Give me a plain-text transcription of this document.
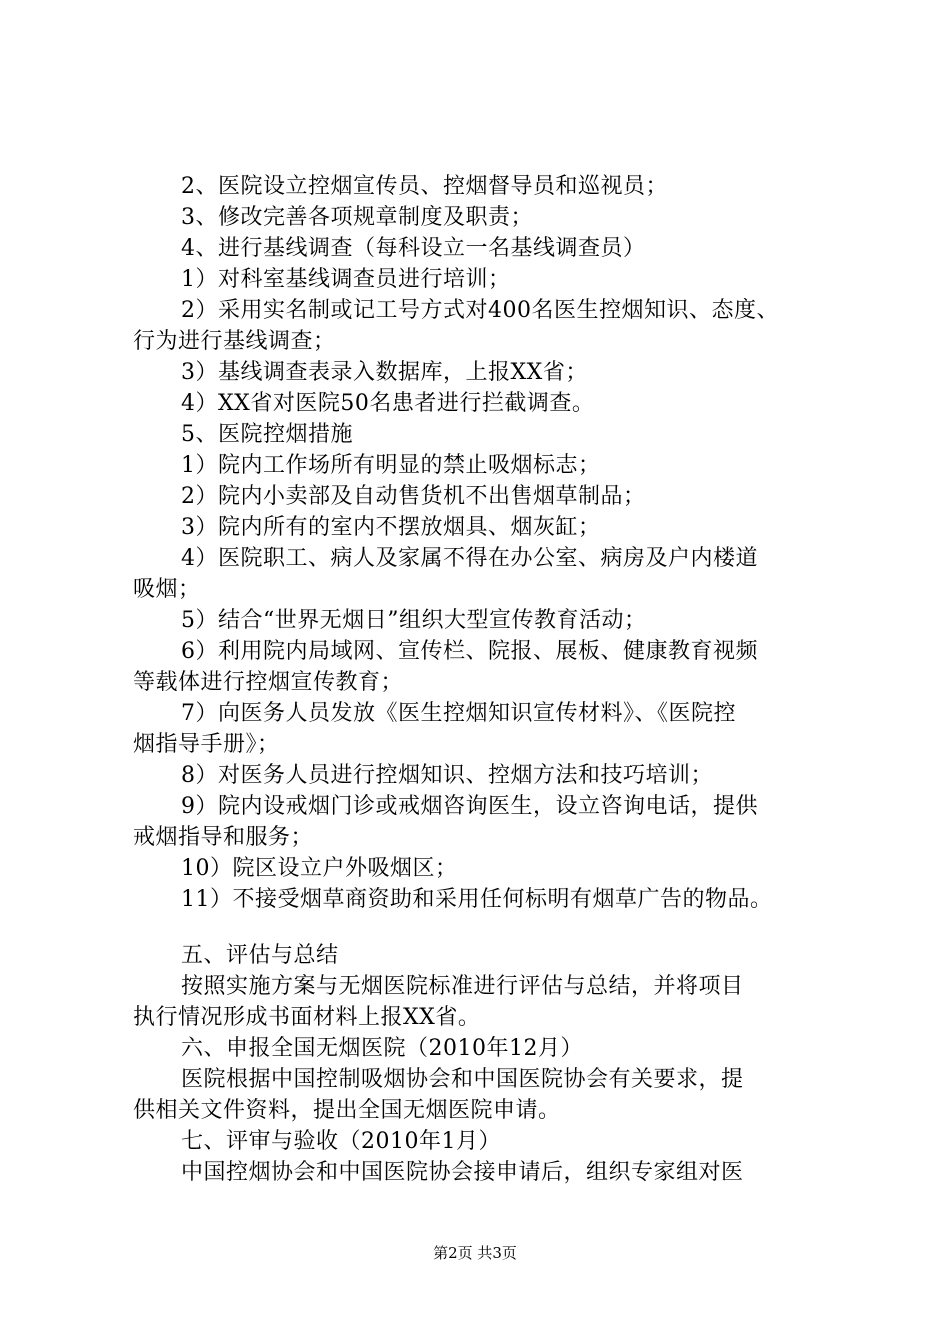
2、医院设立控烟宣传员、控烟督导员和巡视员；
3、修改完善各项规章制度及职责；
4、进行基线调查（每科设立一名基线调查员）
1）对科室基线调查员进行培训；
2）采用实名制或记工号方式对400名医生控烟知识、态度、
行为进行基线调查；
3）基线调查表录入数据库，上报XX省；
4）XX省对医院50名患者进行拦截调查。
5、医院控烟措施
1）院内工作场所有明显的禁止吸烟标志；
2）院内小卖部及自动售货机不出售烟草制品；
3）院内所有的室内不摆放烟具、烟灰缸；
4）医院职工、病人及家属不得在办公室、病房及户内楼道
吸烟；
5）结合“世界无烟日”组织大型宣传教育活动；
6）利用院内局域网、宣传栏、院报、展板、健康教育视频
等载体进行控烟宣传教育；
7）向医务人员发放《医生控烟知识宣传材料》、《医院控
烟指导手册》；
8）对医务人员进行控烟知识、控烟方法和技巧培训；
9）院内设戒烟门诊或戒烟咨询医生，设立咨询电话，提供
戒烟指导和服务；
10）院区设立户外吸烟区；
11）不接受烟草商资助和采用任何标明有烟草广告的物品。
五、评估与总结
按照实施方案与无烟医院标准进行评估与总结，并将项目
执行情况形成书面材料上报XX省。
六、申报全国无烟医院（2010年12月）
医院根据中国控制吸烟协会和中国医院协会有关要求，提
供相关文件资料，提出全国无烟医院申请。
七、评审与验收（2010年1月）
中国控烟协会和中国医院协会接申请后，组织专家组对医
第2页 共3页
